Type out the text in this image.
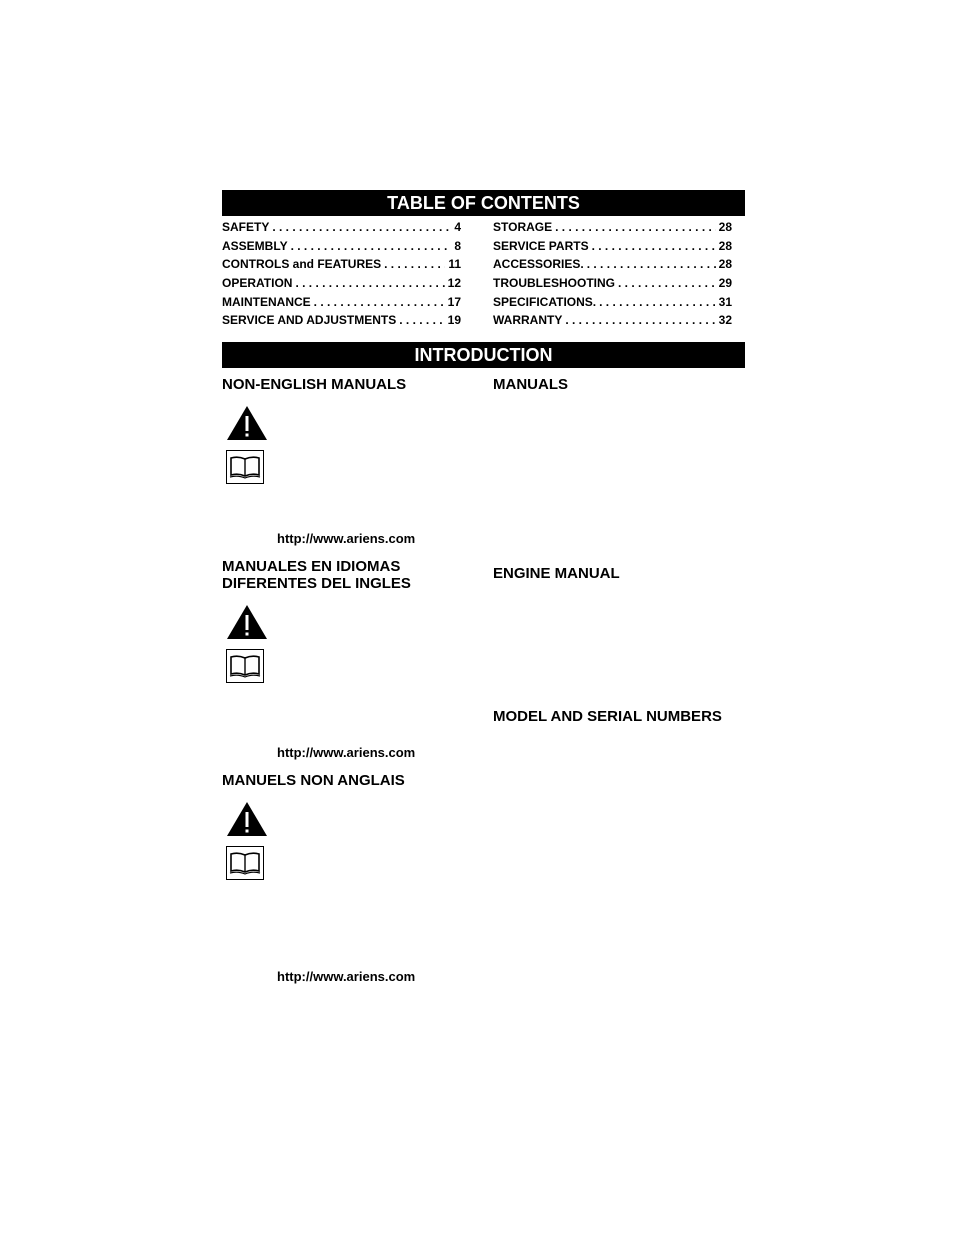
TABLE OF CONTENTS
SAFETY . . .	4
ASSEMBLY . . .	8
CONTROLS and FEATURES . . .	11
OPERATION . . .	12
MAINTENANCE . . .	17
SERVICE AND ADJUSTMENTS . . .	19
STORAGE . . .	28
SERVICE PARTS . . .	28
ACCESSORIES. . . .	28
TROUBLESHOOTING . . .	29
SPECIFICATIONS. . . .	31
WARRANTY . . .	32
INTRODUCTION
NON-ENGLISH MANUALS
http://www.ariens.com
MANUALES EN IDIOMAS
DIFERENTES DEL INGLES
http://www.ariens.com
MANUELS NON ANGLAIS
http://www.ariens.com
MANUALS
ENGINE MANUAL
MODEL AND SERIAL NUMBERS
